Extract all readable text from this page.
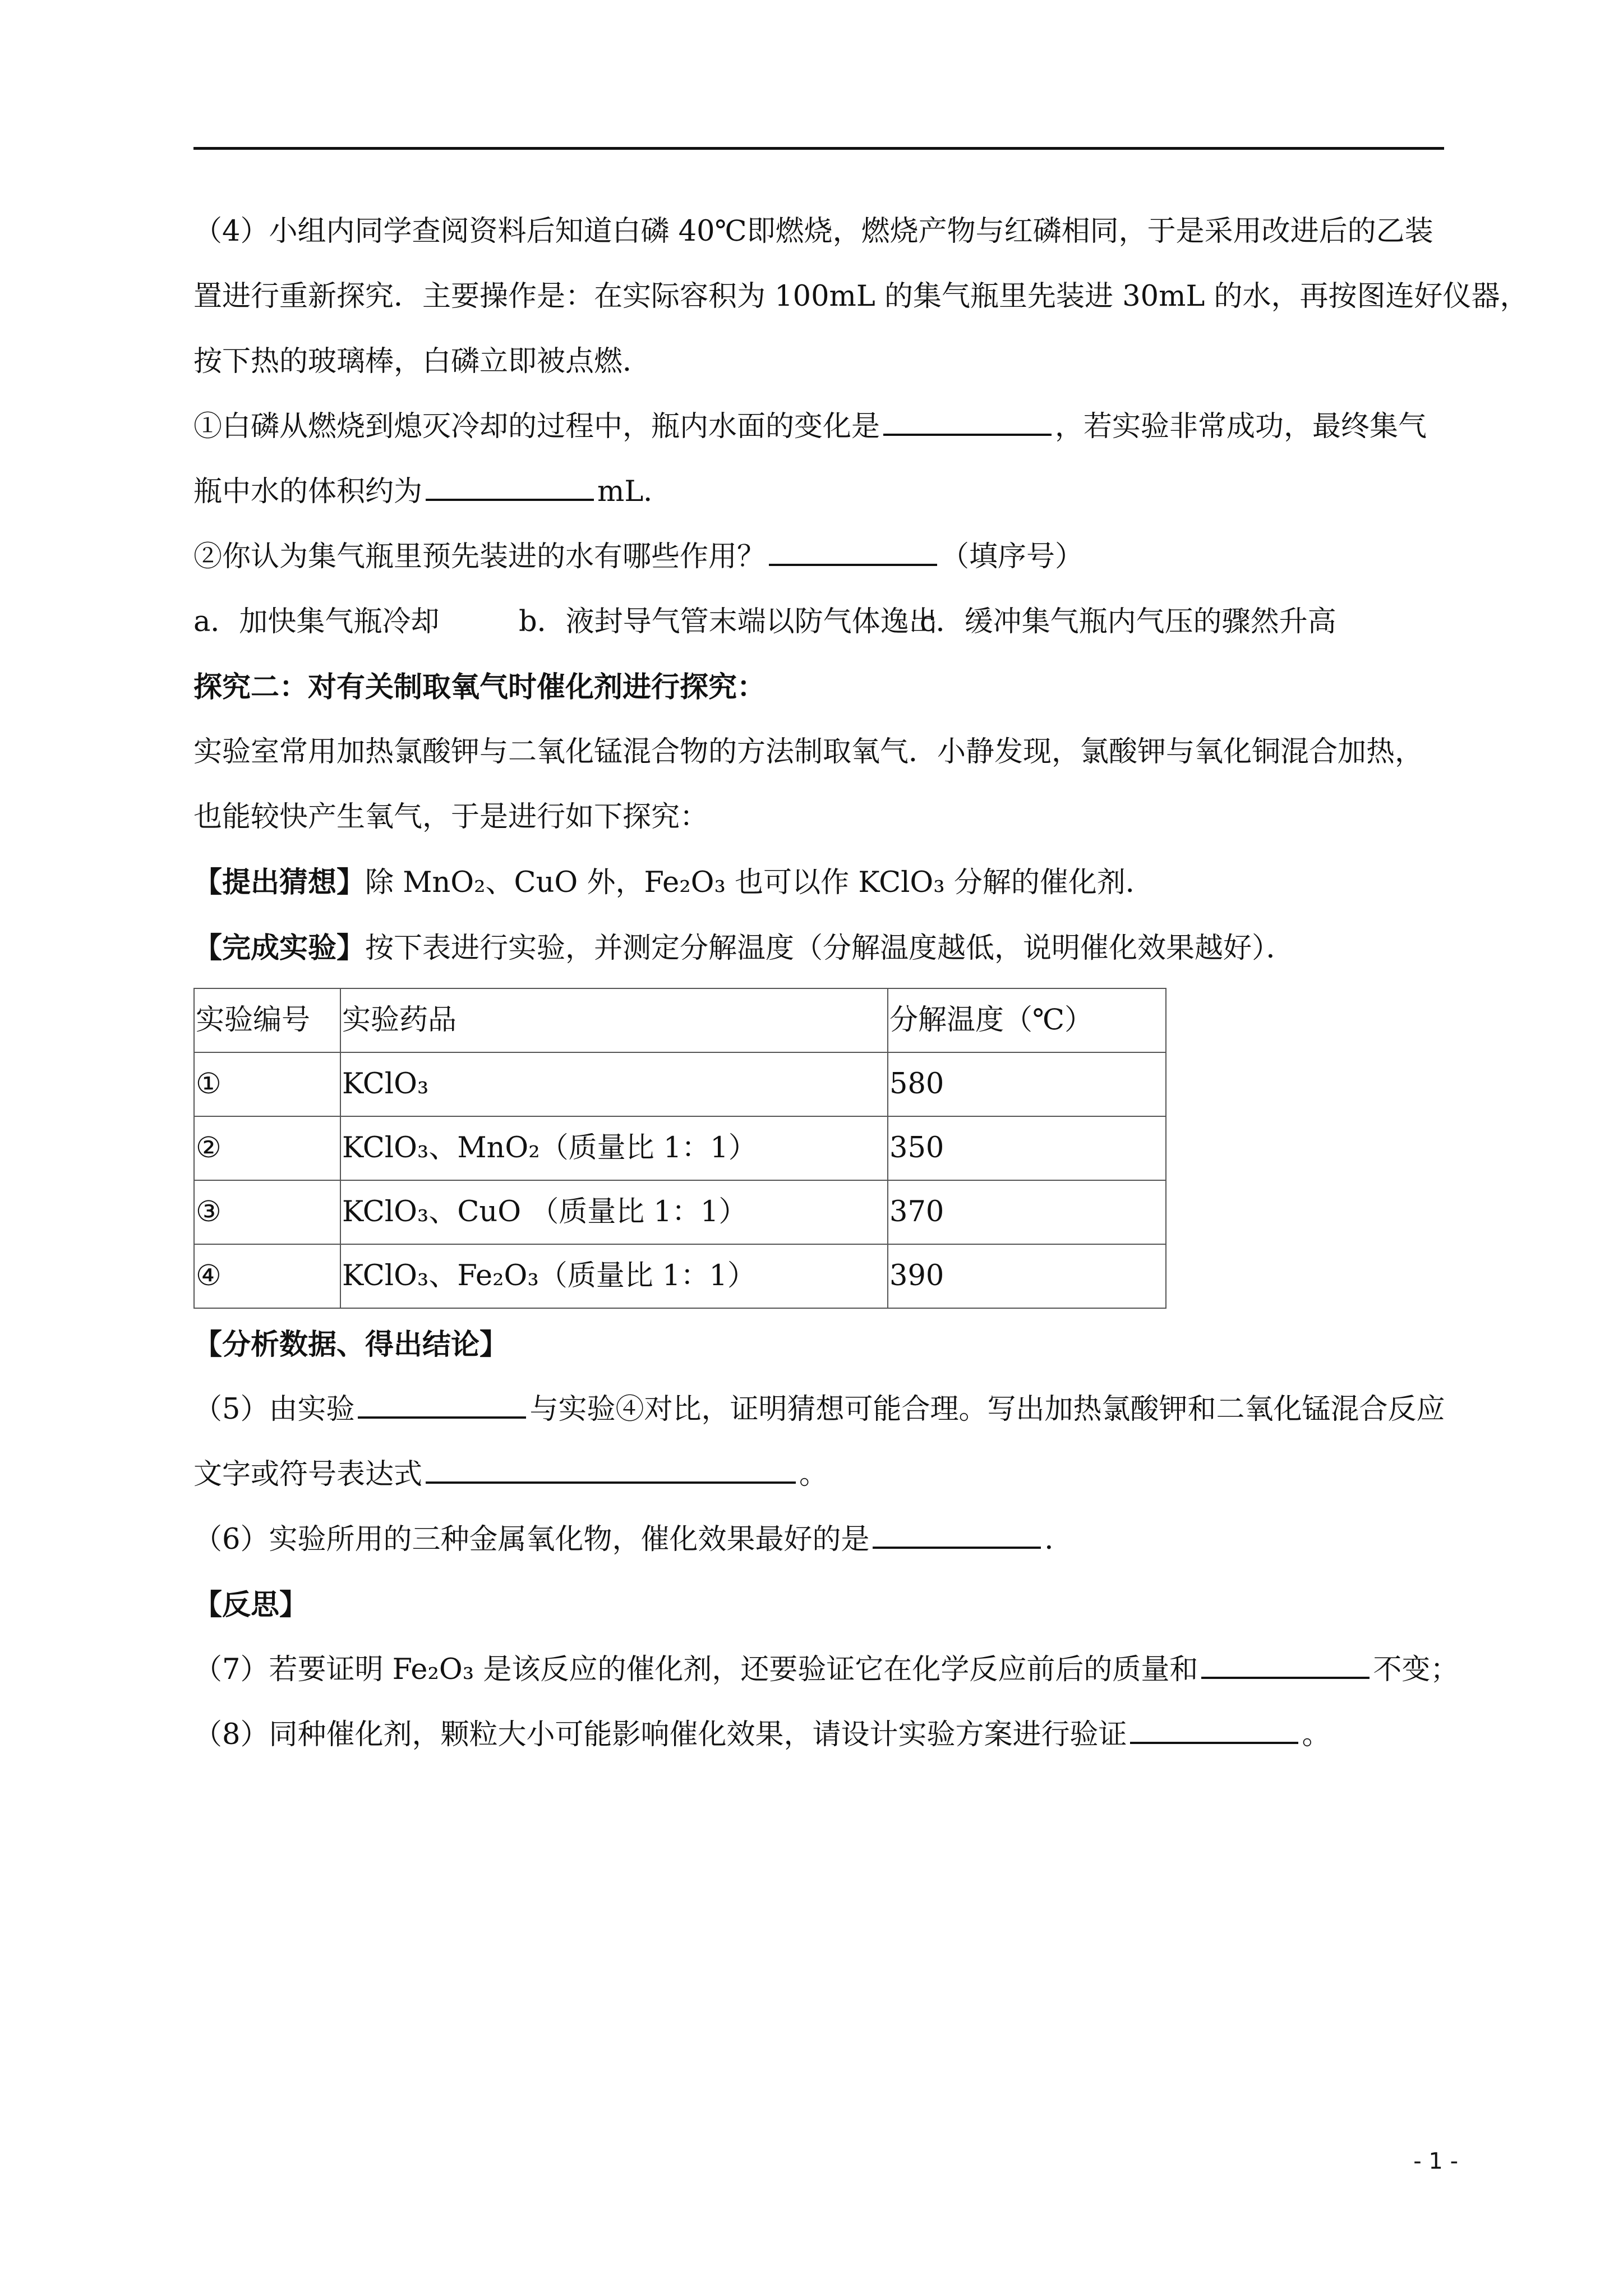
（4）小组内同学查阅资料后知道白磷 40℃即燃烧，燃烧产物与红磷相同，于是采用改进后的乙装

置进行重新探究．主要操作是：在实际容积为 100mL 的集气瓶里先装进 30mL 的水，再按图连好仪器，

按下热的玻璃棒，白磷立即被点燃．

①白磷从燃烧到熄灭冷却的过程中，瓶内水面的变化是	，若实验非常成功，最终集气

瓶中水的体积约为	mL．

②你认为集气瓶里预先装进的水有哪些作用？	（填序号）

a．加快集气瓶冷却	b．液封导气管末端以防气体逸出c．缓冲集气瓶内气压的骤然升高

探究二：对有关制取氧气时催化剂进行探究：

实验室常用加热氯酸钾与二氧化锰混合物的方法制取氧气．小静发现，氯酸钾与氧化铜混合加热，

也能较快产生氧气，于是进行如下探究：

【提出猜想】除 MnO₂、CuO 外，Fe₂O₃ 也可以作 KClO₃ 分解的催化剂．

【完成实验】按下表进行实验，并测定分解温度（分解温度越低，说明催化效果越好）．

实验编号	实验药品	分解温度（℃）
①	KClO₃	580
②	KClO₃、MnO₂（质量比 1：1）	350
③	KClO₃、CuO （质量比 1：1）	370
④	KClO₃、Fe₂O₃（质量比 1：1）	390

【分析数据、得出结论】

（5）由实验	与实验④对比，证明猜想可能合理。写出加热氯酸钾和二氧化锰混合反应

文字或符号表达式	。

（6）实验所用的三种金属氧化物，催化效果最好的是	．

【反思】

（7）若要证明 Fe₂O₃ 是该反应的催化剂，还要验证它在化学反应前后的质量和	不变；

（8）同种催化剂，颗粒大小可能影响催化效果，请设计实验方案进行验证	。

- 1 -
